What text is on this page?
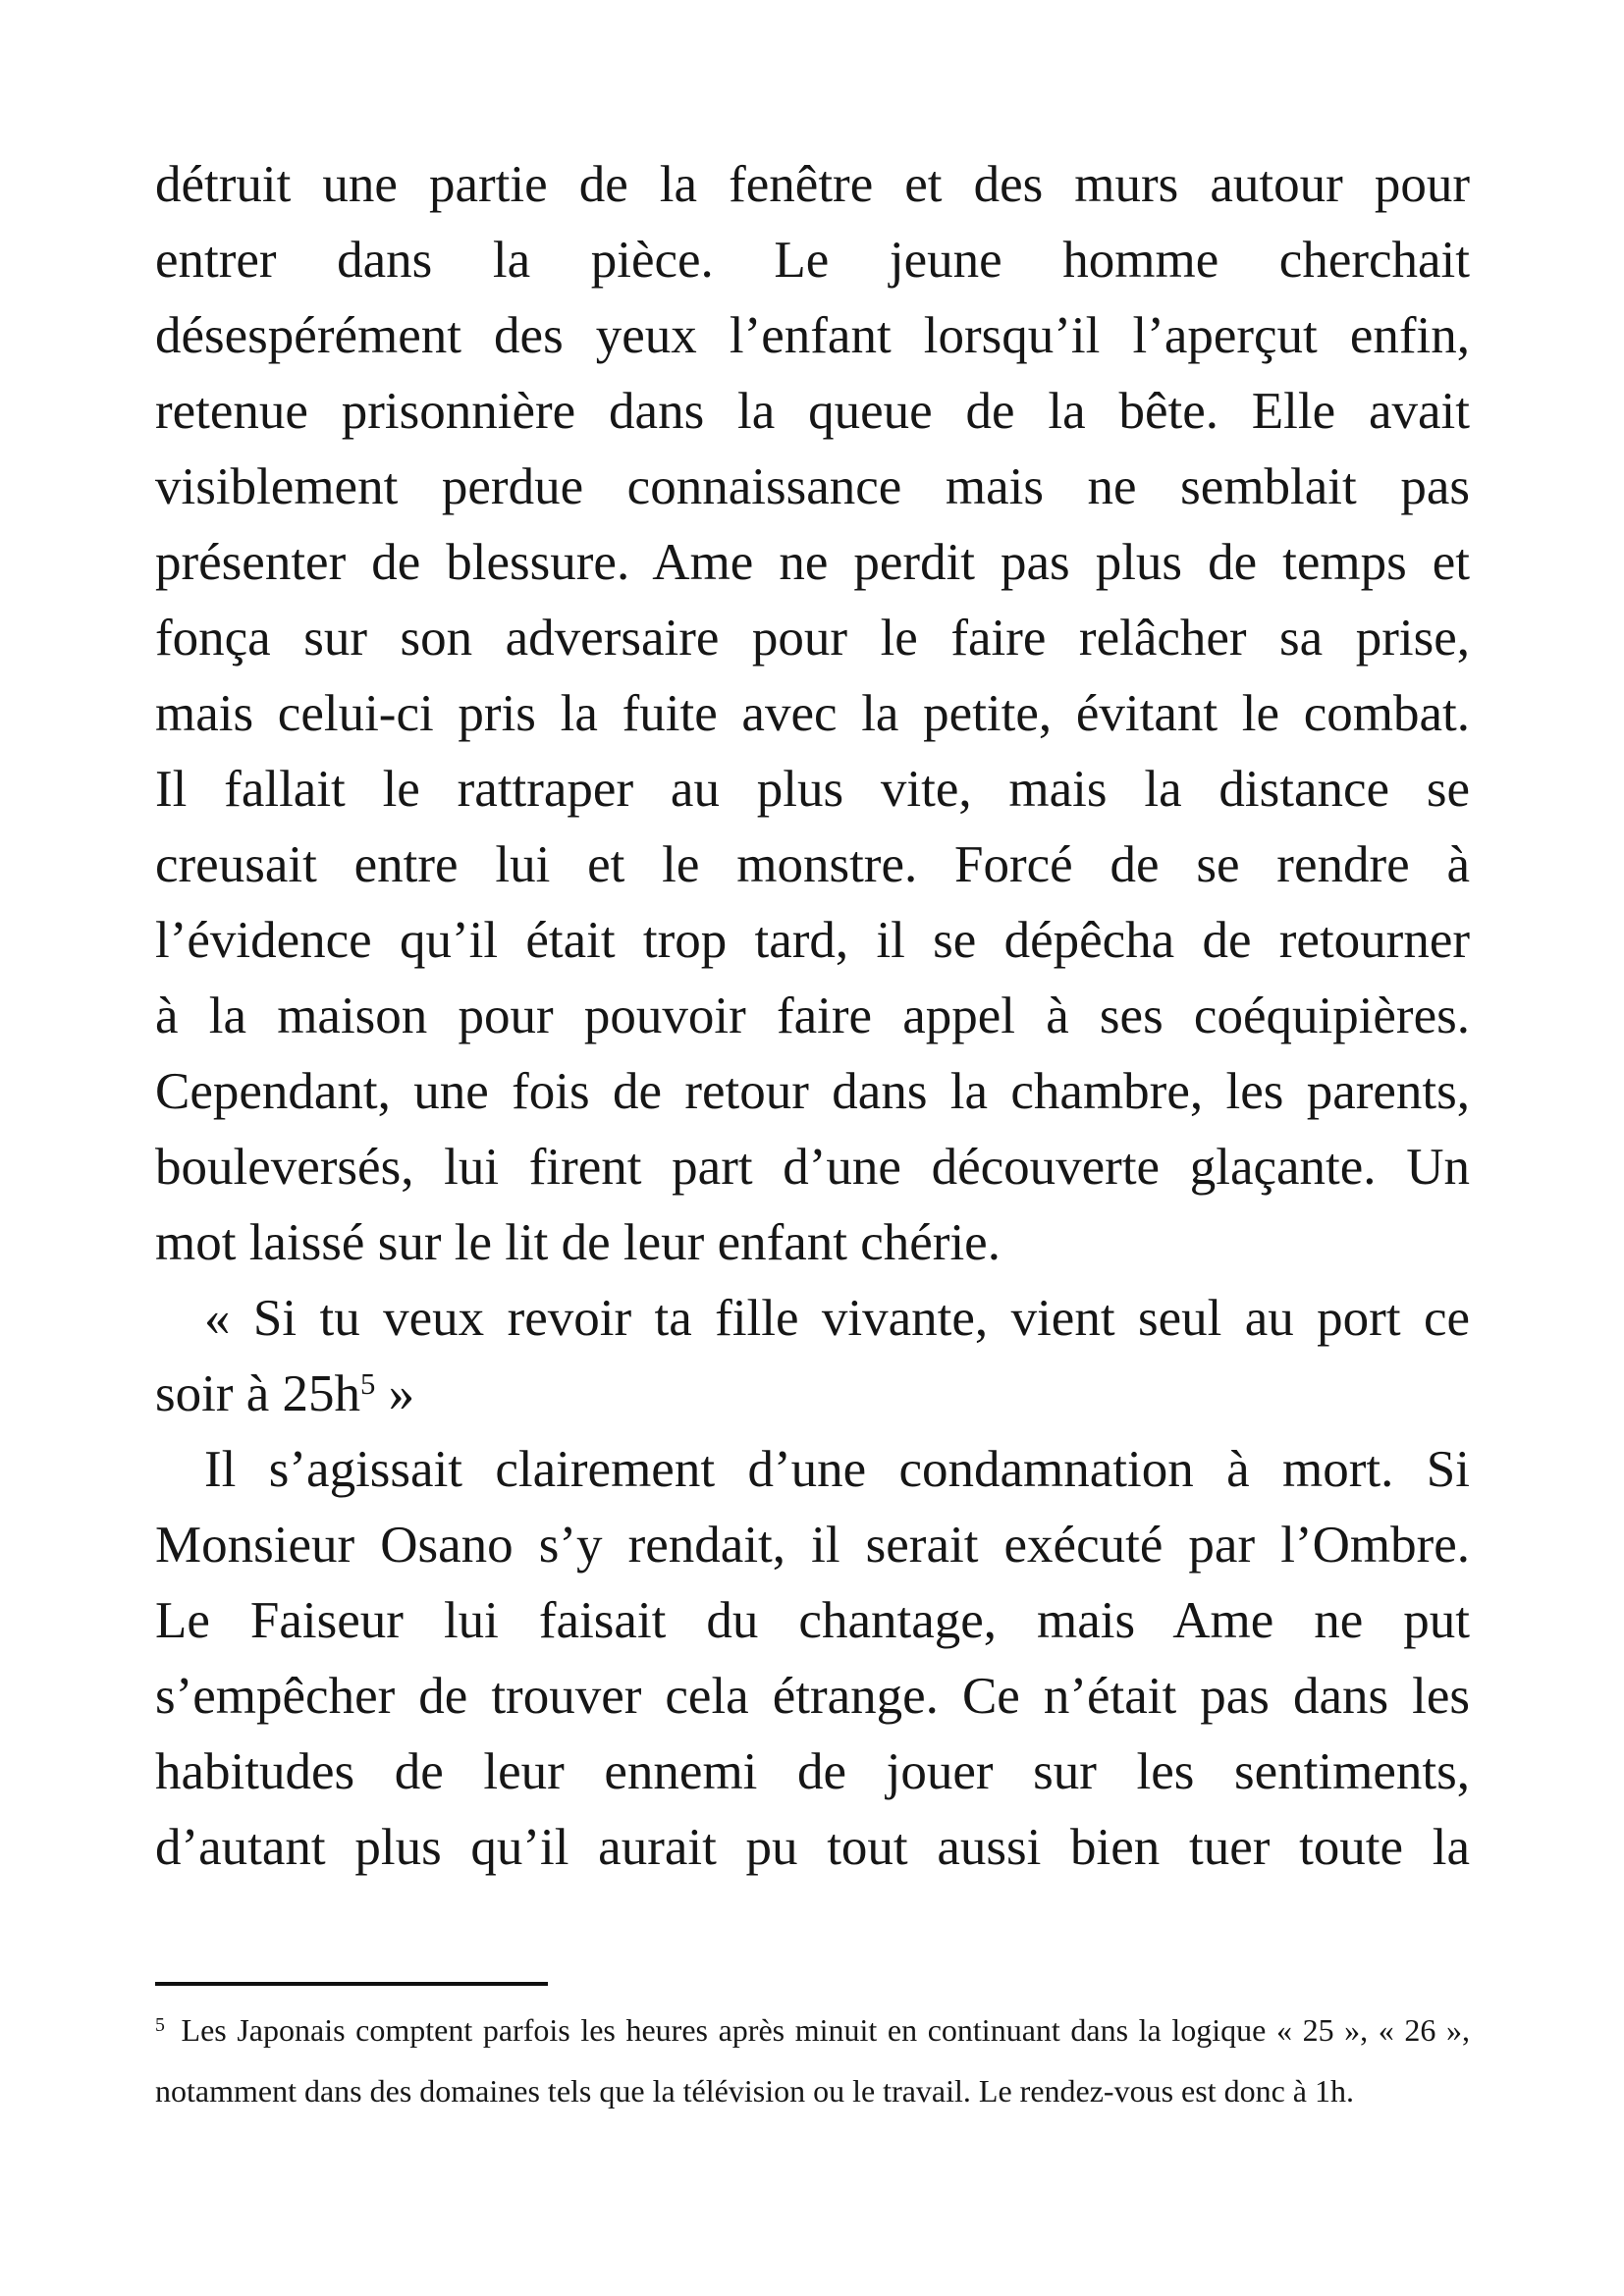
détruit une partie de la fenêtre et des murs autour pour
entrer dans la pièce. Le jeune homme cherchait
désespérément des yeux l’enfant lorsqu’il l’aperçut enfin,
retenue prisonnière dans la queue de la bête. Elle avait
visiblement perdue connaissance mais ne semblait pas
présenter de blessure. Ame ne perdit pas plus de temps et
fonça sur son adversaire pour le faire relâcher sa prise,
mais celui-ci pris la fuite avec la petite, évitant le combat.
Il fallait le rattraper au plus vite, mais la distance se
creusait entre lui et le monstre. Forcé de se rendre à
l’évidence qu’il était trop tard, il se dépêcha de retourner
à la maison pour pouvoir faire appel à ses coéquipières.
Cependant, une fois de retour dans la chambre, les parents,
bouleversés, lui firent part d’une découverte glaçante. Un
mot laissé sur le lit de leur enfant chérie.
« Si tu veux revoir ta fille vivante, vient seul au port ce
soir à 25h$^5$ »
Il s’agissait clairement d’une condamnation à mort. Si
Monsieur Osano s’y rendait, il serait exécuté par l’Ombre.
Le Faiseur lui faisait du chantage, mais Ame ne put
s’empêcher de trouver cela étrange. Ce n’était pas dans les
habitudes de leur ennemi de jouer sur les sentiments,
d’autant plus qu’il aurait pu tout aussi bien tuer toute la
$^5$ Les Japonais comptent parfois les heures après minuit en continuant dans la logique « 25 », « 26 »,
notamment dans des domaines tels que la télévision ou le travail. Le rendez-vous est donc à 1h.
